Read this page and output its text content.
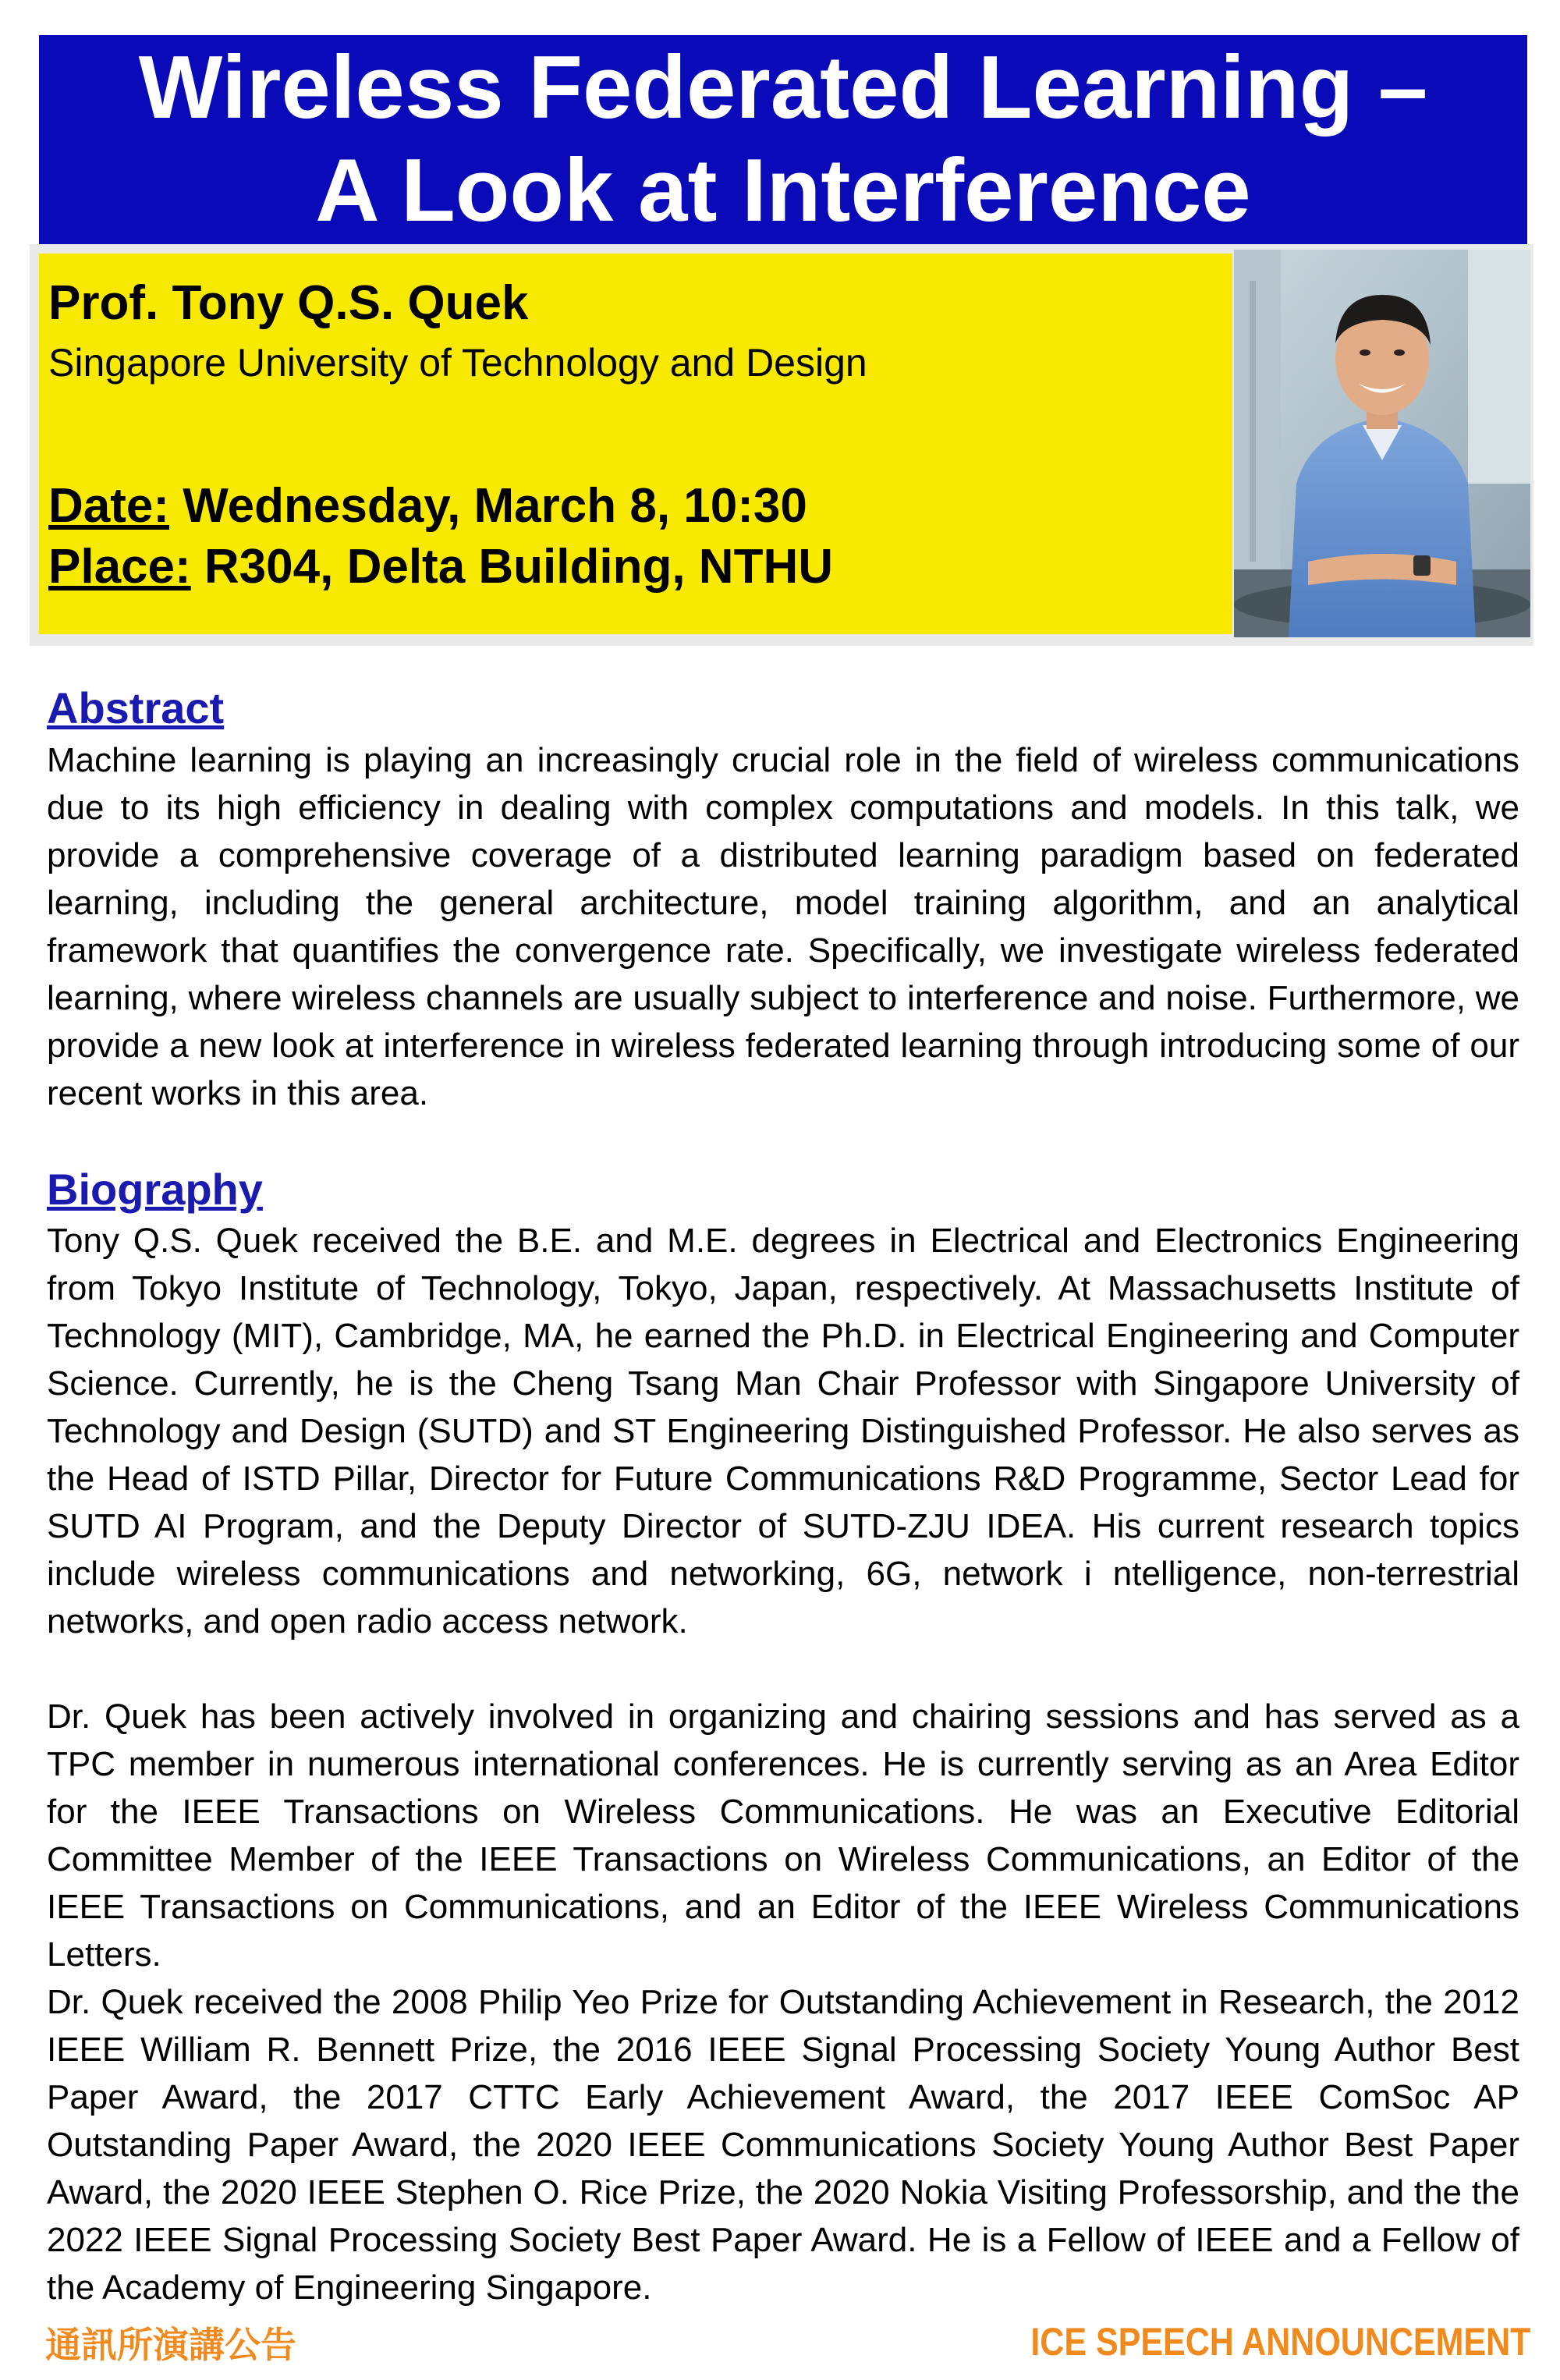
Wireless Federated Learning –
A Look at Interference
Prof. Tony Q.S. Quek
Singapore University of Technology and Design
Date: Wednesday, March 8, 10:30
Place: R304, Delta Building, NTHU
Abstract
Machine learning is playing an increasingly crucial role in the field of wireless communications due to its high efficiency in dealing with complex computations and models. In this talk, we provide a comprehensive coverage of a distributed learning paradigm based on federated learning, including the general architecture, model training algorithm, and an analytical framework that quantifies the convergence rate. Specifically, we investigate wireless federated learning, where wireless channels are usually subject to interference and noise. Furthermore, we provide a new look at interference in wireless federated learning through introducing some of our recent works in this area.
Biography
Tony Q.S. Quek received the B.E. and M.E. degrees in Electrical and Electronics Engineering from Tokyo Institute of Technology, Tokyo, Japan, respectively. At Massachusetts Institute of Technology (MIT), Cambridge, MA, he earned the Ph.D. in Electrical Engineering and Computer Science. Currently, he is the Cheng Tsang Man Chair Professor with Singapore University of Technology and Design (SUTD) and ST Engineering Distinguished Professor. He also serves as the Head of ISTD Pillar, Director for Future Communications R&D Programme, Sector Lead for SUTD AI Program, and the Deputy Director of SUTD-ZJU IDEA. His current research topics include wireless communications and networking, 6G, network i ntelligence, non-terrestrial networks, and open radio access network.
Dr. Quek has been actively involved in organizing and chairing sessions and has served as a TPC member in numerous international conferences. He is currently serving as an Area Editor for the IEEE Transactions on Wireless Communications. He was an Executive Editorial Committee Member of the IEEE Transactions on Wireless Communications, an Editor of the IEEE Transactions on Communications, and an Editor of the IEEE Wireless Communications Letters.
Dr. Quek received the 2008 Philip Yeo Prize for Outstanding Achievement in Research, the 2012 IEEE William R. Bennett Prize, the 2016 IEEE Signal Processing Society Young Author Best Paper Award, the 2017 CTTC Early Achievement Award, the 2017 IEEE ComSoc AP Outstanding Paper Award, the 2020 IEEE Communications Society Young Author Best Paper Award, the 2020 IEEE Stephen O. Rice Prize, the 2020 Nokia Visiting Professorship, and the the 2022 IEEE Signal Processing Society Best Paper Award. He is a Fellow of IEEE and a Fellow of the Academy of Engineering Singapore.
通訊所演講公告	ICE SPEECH ANNOUNCEMENT
